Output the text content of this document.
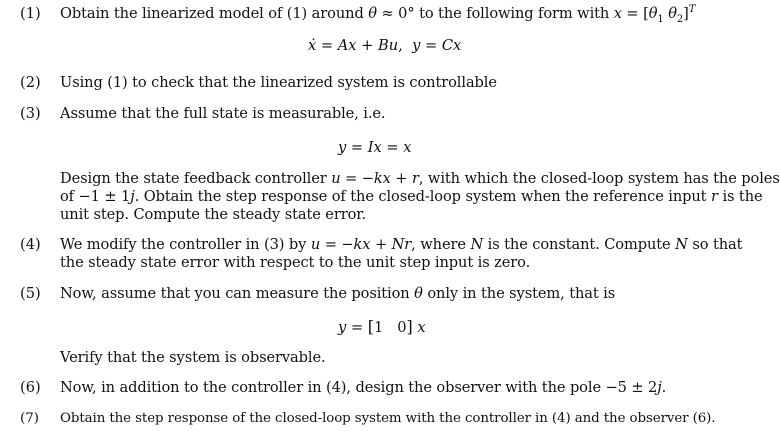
(1) Obtain the linearized model of (1) around θ ≈ 0° to the following form with $x = [\theta_1$ $\theta_2]^T$
ẋ = Ax + Bu,  y = Cx
(2) Using (1) to check that the linearized system is controllable
(3) Assume that the full state is measurable, i.e.
y = Ix = x
Design the state feedback controller u = −kx + r, with which the closed-loop system has the poles
of −1 ± 1j. Obtain the step response of the closed-loop system when the reference input r is the
unit step. Compute the steady state error.
(4) We modify the controller in (3) by u = −kx + Nr, where N is the constant. Compute N so that
the steady state error with respect to the unit step input is zero.
(5) Now, assume that you can measure the position θ only in the system, that is
y = [1   0] x
Verify that the system is observable.
(6) Now, in addition to the controller in (4), design the observer with the pole −5 ± 2j.
(7) Obtain the step response of the closed-loop system with the controller in (4) and the observer (6).
